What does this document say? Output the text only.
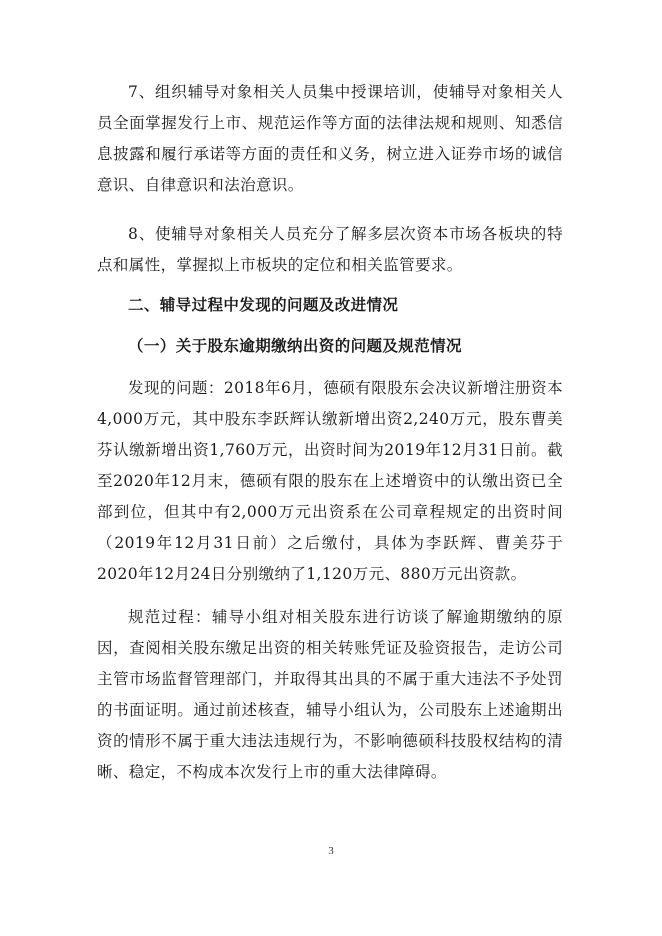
7、组织辅导对象相关人员集中授课培训，使辅导对象相关人员全面掌握发行上市、规范运作等方面的法律法规和规则、知悉信息披露和履行承诺等方面的责任和义务，树立进入证券市场的诚信意识、自律意识和法治意识。

8、使辅导对象相关人员充分了解多层次资本市场各板块的特点和属性，掌握拟上市板块的定位和相关监管要求。

二、辅导过程中发现的问题及改进情况
（一）关于股东逾期缴纳出资的问题及规范情况

发现的问题：2018年6月，德硕有限股东会决议新增注册资本4,000万元，其中股东李跃辉认缴新增出资2,240万元，股东曹美芬认缴新增出资1,760万元，出资时间为2019年12月31日前。截至2020年12月末，德硕有限的股东在上述增资中的认缴出资已全部到位，但其中有2,000万元出资系在公司章程规定的出资时间（2019年12月31日前）之后缴付，具体为李跃辉、曹美芬于2020年12月24日分别缴纳了1,120万元、880万元出资款。

规范过程：辅导小组对相关股东进行访谈了解逾期缴纳的原因，查阅相关股东缴足出资的相关转账凭证及验资报告，走访公司主管市场监督管理部门，并取得其出具的不属于重大违法不予处罚的书面证明。通过前述核查，辅导小组认为，公司股东上述逾期出资的情形不属于重大违法违规行为，不影响德硕科技股权结构的清晰、稳定，不构成本次发行上市的重大法律障碍。

3
